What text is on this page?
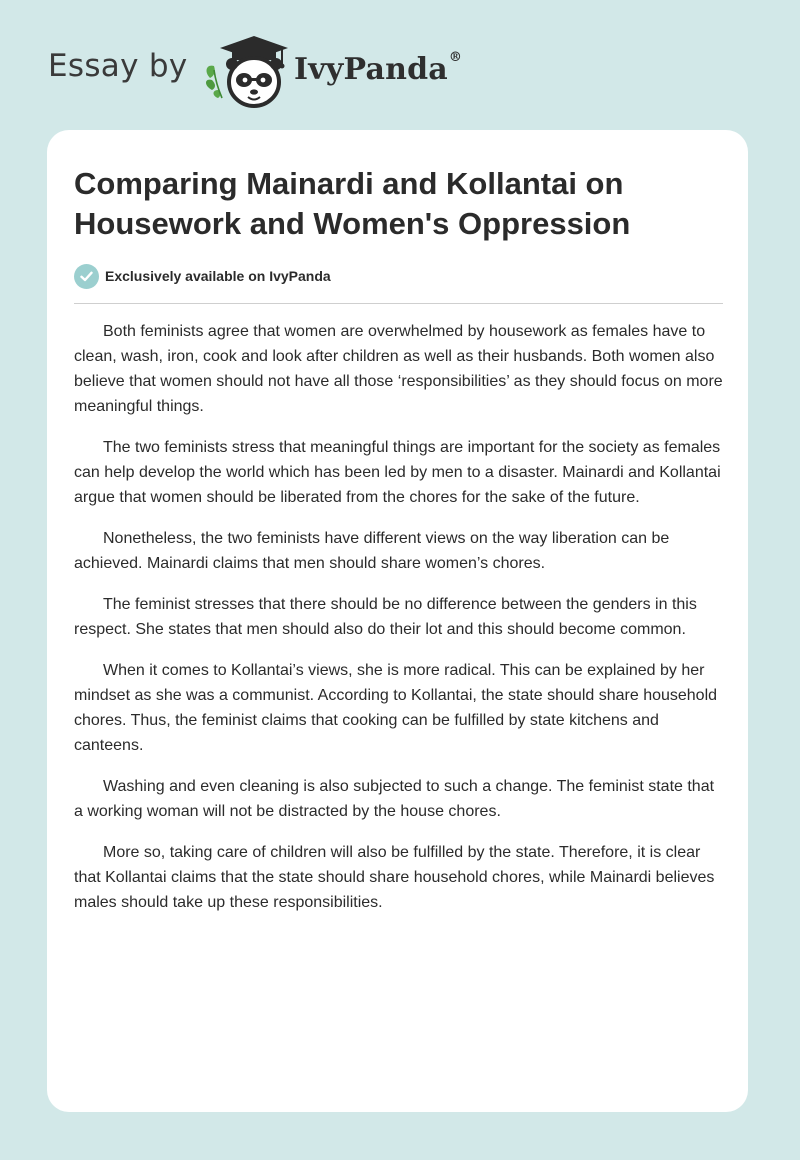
Essay by	IvyPanda®
Comparing Mainardi and Kollantai on Housework and Women's Oppression
Exclusively available on IvyPanda

Both feminists agree that women are overwhelmed by housework as females have to clean, wash, iron, cook and look after children as well as their husbands. Both women also believe that women should not have all those ‘responsibilities’ as they should focus on more meaningful things.

The two feminists stress that meaningful things are important for the society as females can help develop the world which has been led by men to a disaster. Mainardi and Kollantai argue that women should be liberated from the chores for the sake of the future.

Nonetheless, the two feminists have different views on the way liberation can be achieved. Mainardi claims that men should share women’s chores.

The feminist stresses that there should be no difference between the genders in this respect. She states that men should also do their lot and this should become common.

When it comes to Kollantai’s views, she is more radical. This can be explained by her mindset as she was a communist. According to Kollantai, the state should share household chores. Thus, the feminist claims that cooking can be fulfilled by state kitchens and canteens.

Washing and even cleaning is also subjected to such a change. The feminist state that a working woman will not be distracted by the house chores.

More so, taking care of children will also be fulfilled by the state. Therefore, it is clear that Kollantai claims that the state should share household chores, while Mainardi believes males should take up these responsibilities.
